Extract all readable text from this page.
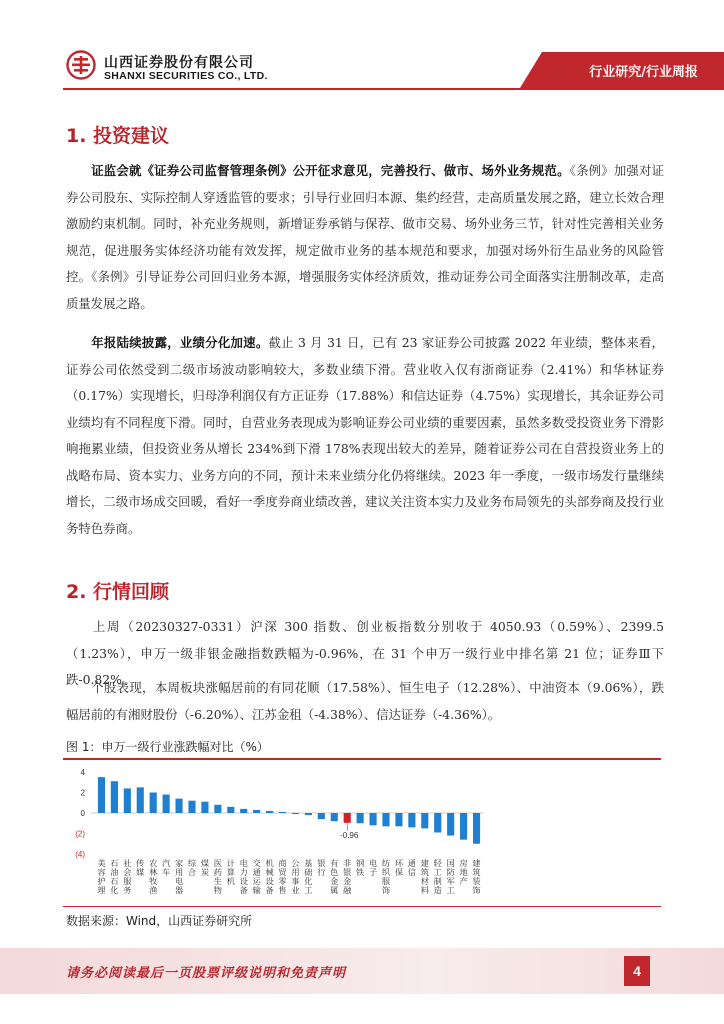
山西证券股份有限公司
SHANXI SECURITIES CO., LTD.	行业研究/行业周报
1. 投资建议
证监会就《证券公司监督管理条例》公开征求意见，完善投行、做市、场外业务规范。《条例》加强对证券公司股东、实际控制人穿透监管的要求；引导行业回归本源、集约经营，走高质量发展之路，建立长效合理激励约束机制。同时，补充业务规则，新增证券承销与保荐、做市交易、场外业务三节，针对性完善相关业务规范，促进服务实体经济功能有效发挥，规定做市业务的基本规范和要求，加强对场外衍生品业务的风险管控。《条例》引导证券公司回归业务本源，增强服务实体经济质效，推动证券公司全面落实注册制改革，走高质量发展之路。
年报陆续披露，业绩分化加速。截止 3 月 31 日，已有 23 家证券公司披露 2022 年业绩，整体来看，证券公司依然受到二级市场波动影响较大，多数业绩下滑。营业收入仅有浙商证券（2.41%）和华林证券（0.17%）实现增长，归母净利润仅有方正证券（17.88%）和信达证券（4.75%）实现增长，其余证券公司业绩均有不同程度下滑。同时，自营业务表现成为影响证券公司业绩的重要因素，虽然多数受投资业务下滑影响拖累业绩，但投资业务从增长 234%到下滑 178%表现出较大的差异，随着证券公司在自营投资业务上的战略布局、资本实力、业务方向的不同，预计未来业绩分化仍将继续。2023 年一季度，一级市场发行量继续增长，二级市场成交回暖，看好一季度券商业绩改善，建议关注资本实力及业务布局领先的头部券商及投行业务特色券商。
2. 行情回顾
上周（20230327-0331）沪深 300 指数、创业板指数分别收于 4050.93（0.59%）、2399.5（1.23%），申万一级非银金融指数跌幅为-0.96%，在 31 个申万一级行业中排名第 21 位；证券Ⅲ下跌-0.82%。
个股表现，本周板块涨幅居前的有同花顺（17.58%）、恒生电子（12.28%）、中油资本（9.06%），跌幅居前的有湘财股份（-6.20%）、江苏金租（-4.38%）、信达证券（-4.36%）。
图 1：申万一级行业涨跌幅对比（%）
4
2
0
(2)
(4)
美容护理
石油石化
社会服务
传媒
农林牧渔
汽车
家用电器
综合
煤炭
医药生物
计算机
电力设备
交通运输
机械设备
商贸零售
公用事业
基础化工
银行
有色金属
非银金融
-0.96
钢铁
电子
纺织服饰
环保
通信
建筑材料
轻工制造
国防军工
房地产
建筑装饰
数据来源：Wind，山西证券研究所
请务必阅读最后一页股票评级说明和免责声明	4
